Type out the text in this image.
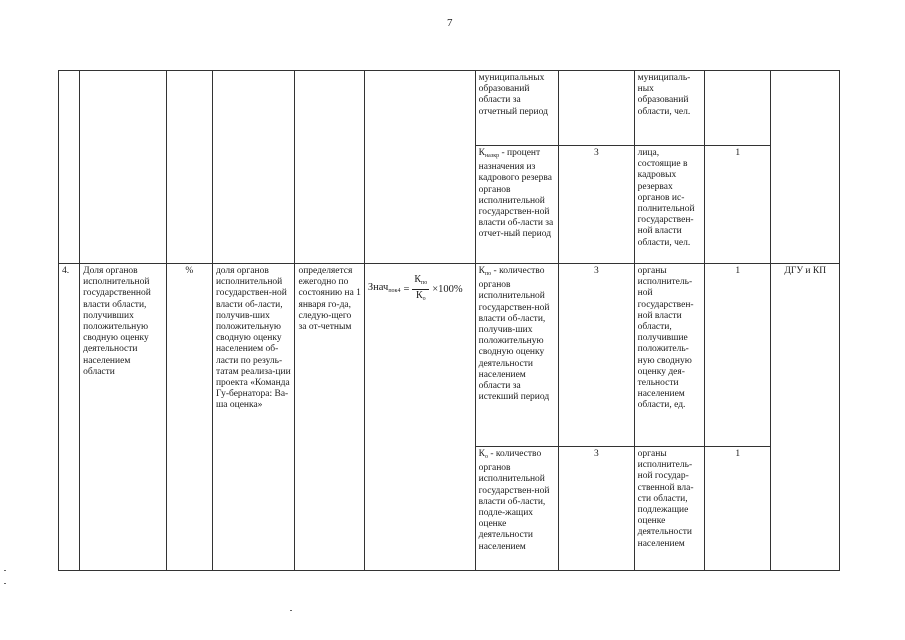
7
						муниципальных образований области за отчетный период		муниципаль-ных образований области, чел.		
						$К_{назкр}$ - процент назначения из кадрового резерва органов исполнительной государствен-ной власти об-ласти за отчет-ный период	3	лица, состоящие в кадровых резервах органов ис-полнительной государствен-ной власти области, чел.	1	
4.	Доля органов исполнительной государственной власти области, получивших положительную сводную оценку деятельности населением области	%	доля органов исполнительной государствен-ной власти об-ласти, получив-ших положительную сводную оценку населением об-ласти по резуль-татам реализа-ции проекта «Команда Гу-бернатора: Ва-ша оценка»	определяется ежегодно по состоянию на 1 января го-да, следую-щего за от-четным	Знач$_{пок4}$ = $\frac{К_{по}}{К_о} \times 100\%$	$К_{по}$ - количество органов исполнительной государствен-ной власти об-ласти, получив-ших положительную сводную оценку деятельности населением области за истекший период	3	органы исполнитель-ной государствен-ной власти области, получившие положитель-ную сводную оценку дея-тельности населением области, ед.	1	ДГУ и КП
						$К_о$ - количество органов исполнительной государствен-ной власти об-ласти, подле-жащих оценке деятельности населением	3	органы исполнитель-ной государ-ственной вла-сти области, подлежащие оценке деятельности населением	1	
